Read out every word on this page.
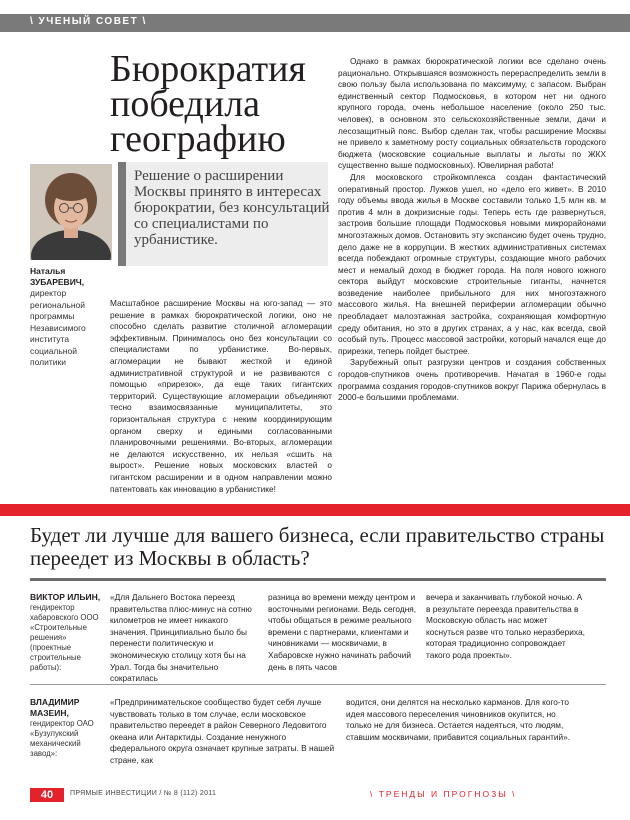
\ УЧЕНЫЙ СОВЕТ \
Бюрократия победила географию
Наталья
ЗУБАРЕВИЧ,
директор региональной программы Независимого института социальной политики
Решение о расширении Москвы принято в интересах бюрократии, без консультаций со специалистами по урбанистике.

Масштабное расширение Москвы на юго-запад — это решение в рамках бюрократической логики, оно не способно сделать развитие столичной агломерации эффективным. Принималось оно без консультации со специалистами по урбанистике. Во-первых, агломерации не бывают жесткой и единой административной структурой и не развиваются с помощью «прирезок», да еще таких гигантских территорий. Существующие агломерации объединяют тесно взаимосвязанные муниципалитеты, это горизонтальная структура с неким координирующим органом сверху и едиными согласованными планировочными решениями. Во-вторых, агломерации не делаются искусственно, их нельзя «сшить на вырост». Решение новых московских властей о гигантском расширении и в одном направлении можно патентовать как инновацию в урбанистике!

Однако в рамках бюрократической логики все сделано очень рационально. Открывшаяся возможность перераспределить земли в свою пользу была использована по максимуму, с запасом. Выбран единственный сектор Подмосковья, в котором нет ни одного крупного города, очень небольшое население (около 250 тыс. человек), в основном это сельскохозяйственные земли, дачи и лесозащитный пояс. Выбор сделан так, чтобы расширение Москвы не привело к заметному росту социальных обязательств городского бюджета (московские социальные выплаты и льготы по ЖКХ существенно выше подмосковных). Ювелирная работа!

Для московского стройкомплекса создан фантастический оперативный простор. Лужков ушел, но «дело его живет». В 2010 году объемы ввода жилья в Москве составили только 1,5 млн кв. м против 4 млн в докризисные годы. Теперь есть где развернуться, застроив большие площади Подмосковья новыми микрорайонами многоэтажных домов. Остановить эту экспансию будет очень трудно, дело даже не в коррупции. В жестких административных системах всегда побеждают огромные структуры, создающие много рабочих мест и немалый доход в бюджет города. На поля нового южного сектора выйдут московские строительные гиганты, начнется возведение наиболее прибыльного для них многоэтажного массового жилья. На внешней периферии агломерации обычно преобладает малоэтажная застройка, сохраняющая комфортную среду обитания, но это в других странах, а у нас, как всегда, свой особый путь. Процесс массовой застройки, который начался еще до прирезки, теперь пойдет быстрее.

Зарубежный опыт разгрузки центров и создания собственных городов-спутников очень противоречив. Начатая в 1960-е годы программа создания городов-спутников вокруг Парижа обернулась в 2000-е большими проблемами.

Будет ли лучше для вашего бизнеса, если правительство страны переедет из Москвы в область?
ВИКТОР ИЛЬИН,
гендиректор хабаровского ООО «Строительные решения» (проектные строительные работы):
«Для Дальнего Востока переезд правительства плюс-минус на сотню километров не имеет никакого значения. Принципиально было бы перенести политическую и экономическую столицу хотя бы на Урал. Тогда бы значительно сократилась
разница во времени между центром и восточными регионами. Ведь сегодня, чтобы общаться в режиме реального времени с партнерами, клиентами и чиновниками — москвичами, в Хабаровске нужно начинать рабочий день в пять часов
вечера и заканчивать глубокой ночью. А в результате переезда правительства в Московскую область нас может коснуться разве что только неразбериха, которая традиционно сопровождает такого рода проекты».
ВЛАДИМИР МАЗЕИН,
гендиректор ОАО «Бузулукский механический завод»:
«Предпринимательское сообщество будет себя лучше чувствовать только в том случае, если московское правительство переедет в район Северного Ледовитого океана или Антарктиды. Создание ненужного федерального округа означает крупные затраты. В нашей стране, как
водится, они делятся на несколько карманов. Для кого-то идея массового переселения чиновников окупится, но только не для бизнеса. Остается надеяться, что людям, ставшим москвичами, прибавится социальных гарантий».
40	ПРЯМЫЕ ИНВЕСТИЦИИ / № 8 (112) 2011	\ ТРЕНДЫ И ПРОГНОЗЫ \
